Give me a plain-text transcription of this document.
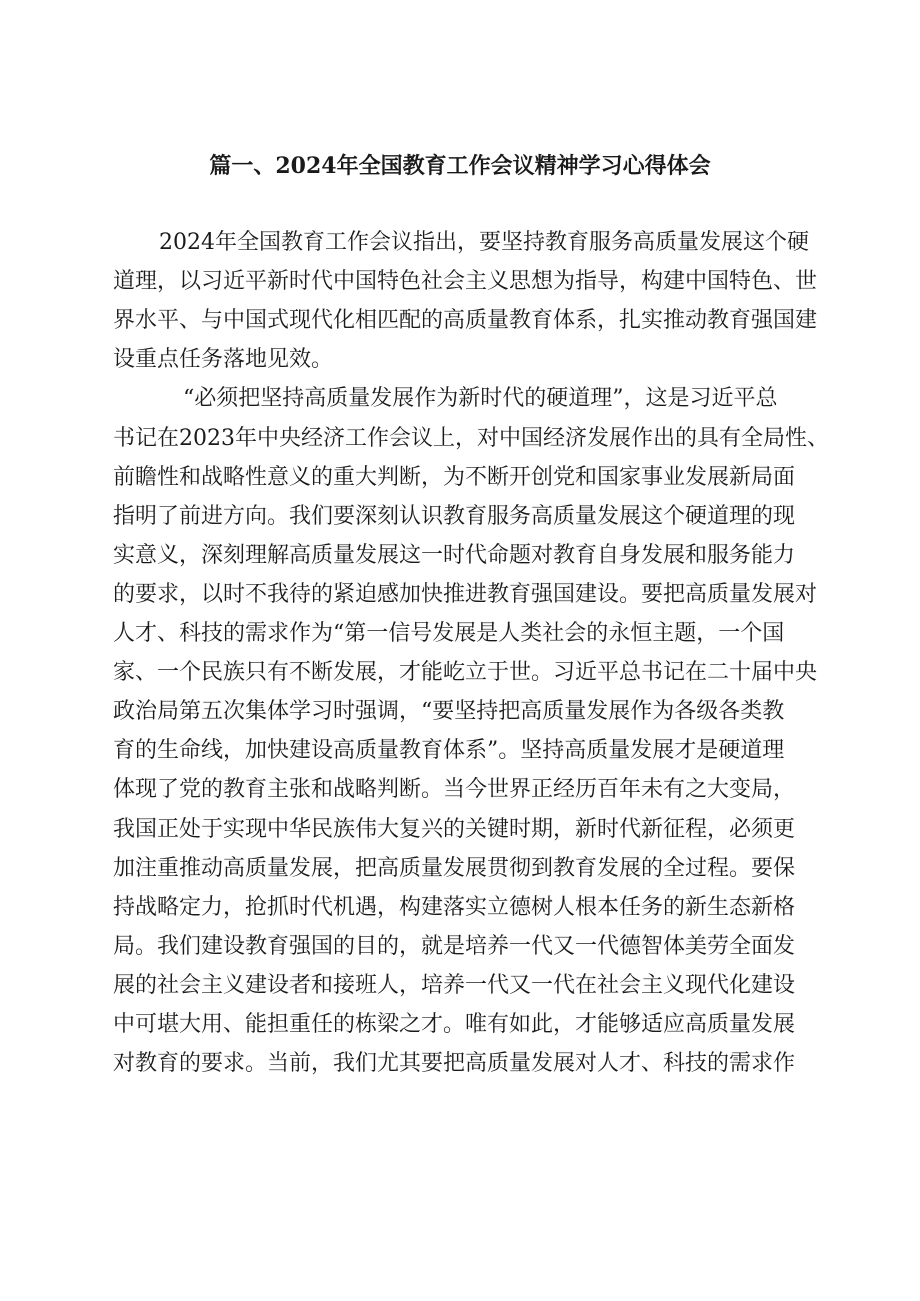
篇一、2024年全国教育工作会议精神学习心得体会
2024年全国教育工作会议指出，要坚持教育服务高质量发展这个硬
道理，以习近平新时代中国特色社会主义思想为指导，构建中国特色、世
界水平、与中国式现代化相匹配的高质量教育体系，扎实推动教育强国建
设重点任务落地见效。
“必须把坚持高质量发展作为新时代的硬道理”，这是习近平总
书记在2023年中央经济工作会议上，对中国经济发展作出的具有全局性、
前瞻性和战略性意义的重大判断，为不断开创党和国家事业发展新局面
指明了前进方向。我们要深刻认识教育服务高质量发展这个硬道理的现
实意义，深刻理解高质量发展这一时代命题对教育自身发展和服务能力
的要求，以时不我待的紧迫感加快推进教育强国建设。要把高质量发展对
人才、科技的需求作为“第一信号发展是人类社会的永恒主题，一个国
家、一个民族只有不断发展，才能屹立于世。习近平总书记在二十届中央
政治局第五次集体学习时强调，“要坚持把高质量发展作为各级各类教
育的生命线，加快建设高质量教育体系”。坚持高质量发展才是硬道理
体现了党的教育主张和战略判断。当今世界正经历百年未有之大变局，
我国正处于实现中华民族伟大复兴的关键时期，新时代新征程，必须更
加注重推动高质量发展，把高质量发展贯彻到教育发展的全过程。要保
持战略定力，抢抓时代机遇，构建落实立德树人根本任务的新生态新格
局。我们建设教育强国的目的，就是培养一代又一代德智体美劳全面发
展的社会主义建设者和接班人，培养一代又一代在社会主义现代化建设
中可堪大用、能担重任的栋梁之才。唯有如此，才能够适应高质量发展
对教育的要求。当前，我们尤其要把高质量发展对人才、科技的需求作
